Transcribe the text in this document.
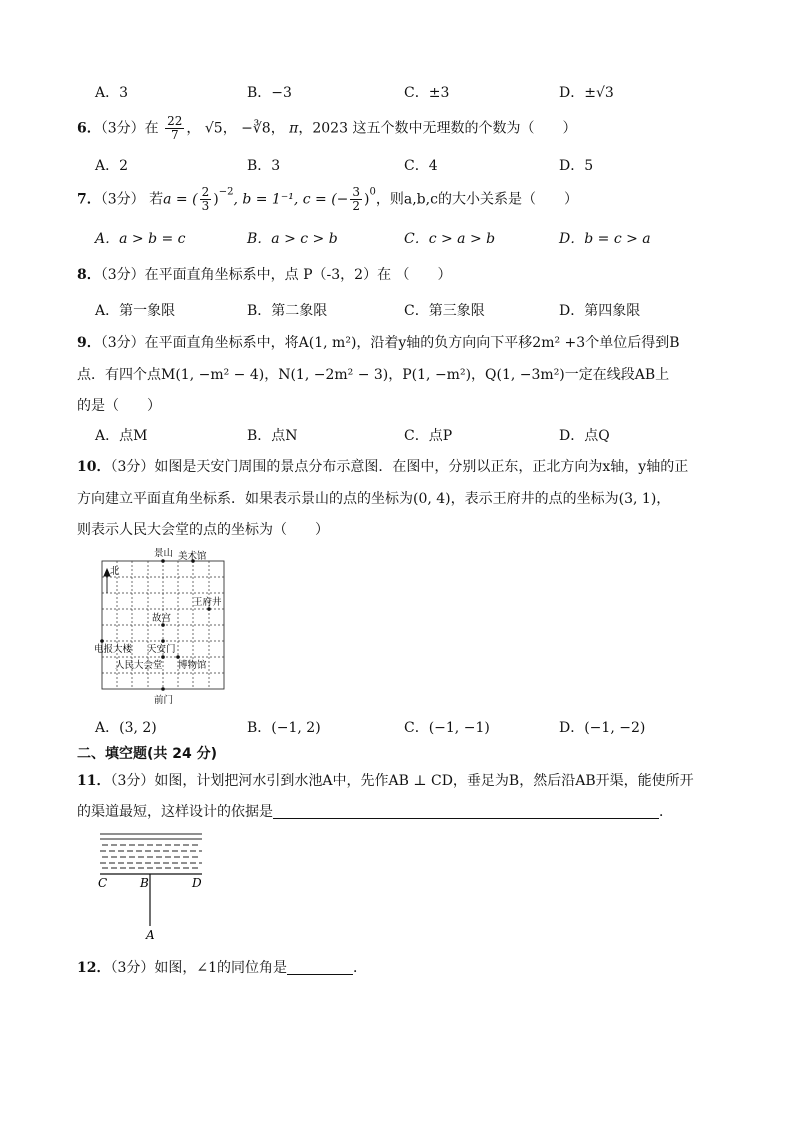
A．3	B．−3	C．±3	D．±√3
6．（3分）在 $\frac{22}{7}$ ， √5， −∛8， π，2023 这五个数中无理数的个数为（　　）
A．2	B．3	C．4	D．5
7．（3分） 若a = ( $\frac{2}{3} )^{-2}$, b = 1⁻¹, c = (− $\frac{3}{2} )^0$，则a,b,c的大小关系是（　　）
A．a > b = c	B．a > c > b	C．c > a > b	D．b = c > a
8．（3分）在平面直角坐标系中，点 P（-3，2）在 （　　）
A．第一象限	B．第二象限	C．第三象限	D．第四象限
9．（3分）在平面直角坐标系中，将A(1, m²)，沿着y轴的负方向向下平移2m² +3个单位后得到B
点．有四个点M(1, −m² − 4)，N(1, −2m² − 3)，P(1, −m²)，Q(1, −3m²)一定在线段AB上
的是（　　）
A．点M	B．点N	C．点P	D．点Q
10．（3分）如图是天安门周围的景点分布示意图．在图中，分别以正东，正北方向为x轴，y轴的正
方向建立平面直角坐标系．如果表示景山的点的坐标为(0, 4)，表示王府井的点的坐标为(3, 1)，
则表示人民大会堂的点的坐标为（　　）
景山 美术馆
北
王府井
故宫
电报大楼 天安门
人民大会堂 博物馆
前门
A．(3, 2)	B．(−1, 2)	C．(−1, −1)	D．(−1, −2)
二、填空题(共 24 分)
11．（3分）如图，计划把河水引到水池A中，先作AB ⊥ CD，垂足为B，然后沿AB开渠，能使所开
的渠道最短，这样设计的依据是	．
C	B	D
A
12．（3分）如图，∠1的同位角是	．
